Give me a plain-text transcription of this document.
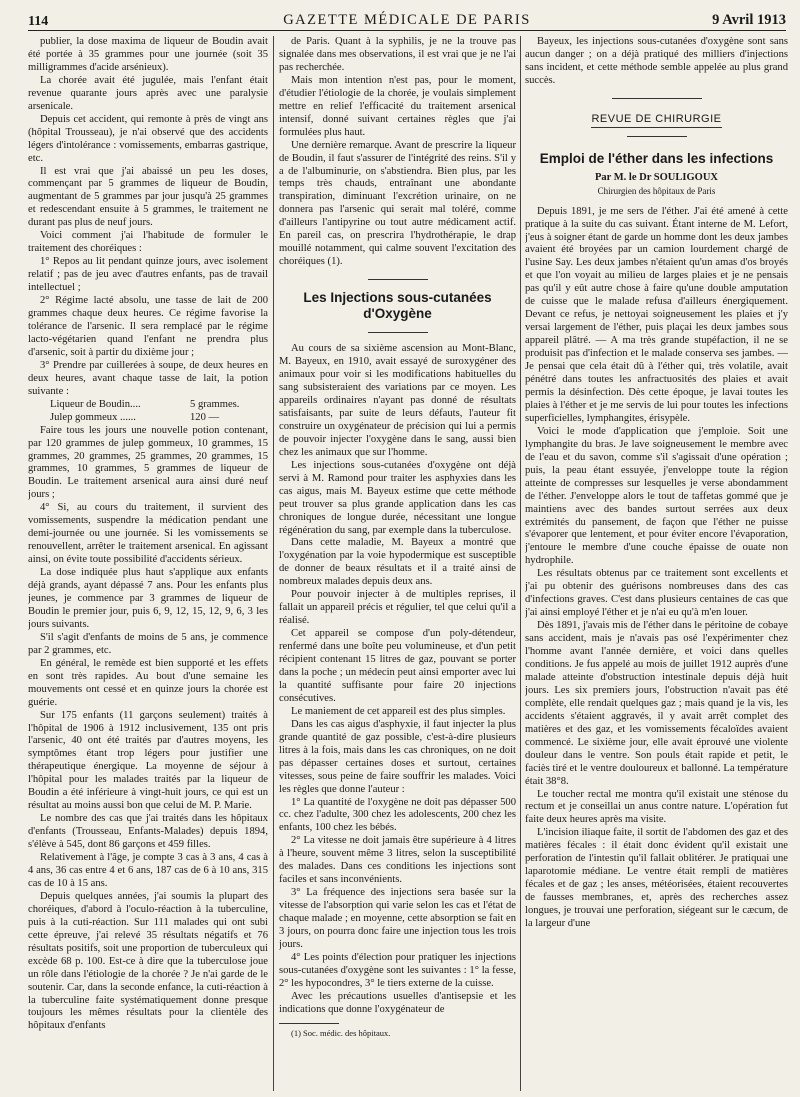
114	GAZETTE MÉDICALE DE PARIS	9 Avril 1913

publier, la dose maxima de liqueur de Boudin avait été portée à 35 grammes pour une journée (soit 35 milligrammes d'acide arsénieux).

La chorée avait été jugulée, mais l'enfant était revenue quarante jours après avec une paralysie arsenicale.

Depuis cet accident, qui remonte à près de vingt ans (hôpital Trousseau), je n'ai observé que des accidents légers d'intolérance : vomissements, embarras gastrique, etc.

Il est vrai que j'ai abaissé un peu les doses, commençant par 5 grammes de liqueur de Boudin, augmentant de 5 grammes par jour jusqu'à 25 grammes et redescendant ensuite à 5 grammes, le traitement ne durant pas plus de neuf jours.

Voici comment j'ai l'habitude de formuler le traitement des choréiques :

1° Repos au lit pendant quinze jours, avec isolement relatif ; pas de jeu avec d'autres enfants, pas de travail intellectuel ;

2° Régime lacté absolu, une tasse de lait de 200 grammes chaque deux heures. Ce régime favorise la tolérance de l'arsenic. Il sera remplacé par le régime lacto-végétarien quand l'enfant ne prendra plus d'arsenic, soit à partir du dixième jour ;

3° Prendre par cuillerées à soupe, de deux heures en deux heures, avant chaque tasse de lait, la potion suivante :

Liqueur de Boudin....	5 grammes.
Julep gommeux ......	120 —

Faire tous les jours une nouvelle potion contenant, par 120 grammes de julep gommeux, 10 grammes, 15 grammes, 20 grammes, 25 grammes, 20 grammes, 15 grammes, 10 grammes, 5 grammes de liqueur de Boudin. Le traitement arsenical aura ainsi duré neuf jours ;

4° Si, au cours du traitement, il survient des vomissements, suspendre la médication pendant une demi-journée ou une journée. Si les vomissements se renouvellent, arrêter le traitement arsenical. En agissant ainsi, on évite toute possibilité d'accidents sérieux.

La dose indiquée plus haut s'applique aux enfants déjà grands, ayant dépassé 7 ans. Pour les enfants plus jeunes, je commence par 3 grammes de liqueur de Boudin le premier jour, puis 6, 9, 12, 15, 12, 9, 6, 3 les jours suivants.

S'il s'agit d'enfants de moins de 5 ans, je commence par 2 grammes, etc.

En général, le remède est bien supporté et les effets en sont très rapides. Au bout d'une semaine les mouvements ont cessé et en quinze jours la chorée est guérie.

Sur 175 enfants (11 garçons seulement) traités à l'hôpital de 1906 à 1912 inclusivement, 135 ont pris l'arsenic, 40 ont été traités par d'autres moyens, les symptômes étant trop légers pour justifier une thérapeutique énergique. La moyenne de séjour à l'hôpital pour les malades traités par la liqueur de Boudin a été inférieure à vingt-huit jours, ce qui est un résultat au moins aussi bon que celui de M. P. Marie.

Le nombre des cas que j'ai traités dans les hôpitaux d'enfants (Trousseau, Enfants-Malades) depuis 1894, s'élève à 545, dont 86 garçons et 459 filles.

Relativement à l'âge, je compte 3 cas à 3 ans, 4 cas à 4 ans, 36 cas entre 4 et 6 ans, 187 cas de 6 à 10 ans, 315 cas de 10 à 15 ans.

Depuis quelques années, j'ai soumis la plupart des choréiques, d'abord à l'oculo-réaction à la tuberculine, puis à la cuti-réaction. Sur 111 malades qui ont subi cette épreuve, j'ai relevé 35 résultats négatifs et 76 résultats positifs, soit une proportion de tuberculeux qui excède 68 p. 100. Est-ce à dire que la tuberculose joue un rôle dans l'étiologie de la chorée ? Je n'ai garde de le soutenir. Car, dans la seconde enfance, la cuti-réaction à la tuberculine faite systématiquement donne presque toujours les mêmes résultats pour la clientèle des hôpitaux d'enfants

de Paris. Quant à la syphilis, je ne la trouve pas signalée dans mes observations, il est vrai que je ne l'ai pas recherchée.

Mais mon intention n'est pas, pour le moment, d'étudier l'étiologie de la chorée, je voulais simplement mettre en relief l'efficacité du traitement arsenical intensif, donné suivant certaines règles que j'ai formulées plus haut.

Une dernière remarque. Avant de prescrire la liqueur de Boudin, il faut s'assurer de l'intégrité des reins. S'il y a de l'albuminurie, on s'abstiendra. Bien plus, par les temps très chauds, entraînant une abondante transpiration, diminuant l'excrétion urinaire, on ne donnera pas l'arsenic qui serait mal toléré, comme d'ailleurs l'antipyrine ou tout autre médicament actif. En pareil cas, on prescrira l'hydrothérapie, le drap mouillé notamment, qui calme souvent l'excitation des choréiques (1).

Les Injections sous-cutanées d'Oxygène

Au cours de sa sixième ascension au Mont-Blanc, M. Bayeux, en 1910, avait essayé de suroxygéner des animaux pour voir si les modifications habituelles du sang subsisteraient des variations par ce moyen. Les appareils ordinaires n'ayant pas donné de résultats satisfaisants, par suite de leurs défauts, l'auteur fit construire un oxygénateur de précision qui lui a permis de pouvoir injecter l'oxygène dans le sang, aussi bien chez les animaux que sur l'homme.

Les injections sous-cutanées d'oxygène ont déjà servi à M. Ramond pour traiter les asphyxies dans les cas aigus, mais M. Bayeux estime que cette méthode peut trouver sa plus grande application dans les cas chroniques de longue durée, nécessitant une longue régénération du sang, par exemple dans la tuberculose.

Dans cette maladie, M. Bayeux a montré que l'oxygénation par la voie hypodermique est susceptible de donner de beaux résultats et il a traité ainsi de nombreux malades depuis deux ans.

Pour pouvoir injecter à de multiples reprises, il fallait un appareil précis et régulier, tel que celui qu'il a réalisé.

Cet appareil se compose d'un poly-détendeur, renfermé dans une boîte peu volumineuse, et d'un petit récipient contenant 15 litres de gaz, pouvant se porter dans la poche ; un médecin peut ainsi emporter avec lui la quantité suffisante pour faire 20 injections consécutives.

Le maniement de cet appareil est des plus simples.

Dans les cas aigus d'asphyxie, il faut injecter la plus grande quantité de gaz possible, c'est-à-dire plusieurs litres à la fois, mais dans les cas chroniques, on ne doit pas dépasser certaines doses et surtout, certaines vitesses, sous peine de faire souffrir les malades. Voici les règles que donne l'auteur :

1° La quantité de l'oxygène ne doit pas dépasser 500 cc. chez l'adulte, 300 chez les adolescents, 200 chez les enfants, 100 chez les bébés.

2° La vitesse ne doit jamais être supérieure à 4 litres à l'heure, souvent même 3 litres, selon la susceptibilité des malades. Dans ces conditions les injections sont faciles et sans inconvénients.

3° La fréquence des injections sera basée sur la vitesse de l'absorption qui varie selon les cas et l'état de chaque malade ; en moyenne, cette absorption se fait en 3 jours, on pourra donc faire une injection tous les trois jours.

4° Les points d'élection pour pratiquer les injections sous-cutanées d'oxygène sont les suivantes : 1° la fesse, 2° les hypocondres, 3° le tiers externe de la cuisse.

Avec les précautions usuelles d'antisepsie et les indications que donne l'oxygénateur de

(1) Soc. médic. des hôpitaux.

Bayeux, les injections sous-cutanées d'oxygène sont sans aucun danger ; on a déjà pratiqué des milliers d'injections sans incident, et cette méthode semble appelée au plus grand succès.

REVUE DE CHIRURGIE
Emploi de l'éther dans les infections
Par M. le Dr SOULIGOUX
Chirurgien des hôpitaux de Paris

Depuis 1891, je me sers de l'éther. J'ai été amené à cette pratique à la suite du cas suivant. Étant interne de M. Lefort, j'eus à soigner étant de garde un homme dont les deux jambes avaient été broyées par un camion lourdement chargé de l'usine Say. Les deux jambes n'étaient qu'un amas d'os broyés et que l'on voyait au milieu de larges plaies et je ne pensais pas qu'il y eût autre chose à faire qu'une double amputation de cuisse que le malade refusa d'ailleurs énergiquement. Devant ce refus, je nettoyai soigneusement les plaies et j'y versai largement de l'éther, puis plaçai les deux jambes sous appareil plâtré. — A ma très grande stupéfaction, il ne se produisit pas d'infection et le malade conserva ses jambes. — Je pensai que cela était dû à l'éther qui, très volatile, avait pénétré dans toutes les anfractuosités des plaies et avait permis la désinfection. Dès cette époque, je lavai toutes les plaies à l'éther et je me servis de lui pour toutes les infections superficielles, lymphangites, érisypèle.

Voici le mode d'application que j'emploie. Soit une lymphangite du bras. Je lave soigneusement le membre avec de l'eau et du savon, comme s'il s'agissait d'une opération ; puis, la peau étant essuyée, j'enveloppe toute la région atteinte de compresses sur lesquelles je verse abondamment de l'éther. J'enveloppe alors le tout de taffetas gommé que je maintiens avec des bandes surtout serrées aux deux extrémités du pansement, de façon que l'éther ne puisse s'évaporer que lentement, et pour éviter encore l'évaporation, j'entoure le membre d'une couche épaisse de ouate non hydrophile.

Les résultats obtenus par ce traitement sont excellents et j'ai pu obtenir des guérisons nombreuses dans des cas d'infections graves. C'est dans plusieurs centaines de cas que j'ai ainsi employé l'éther et je n'ai eu qu'à m'en louer.

Dès 1891, j'avais mis de l'éther dans le péritoine de cobaye sans accident, mais je n'avais pas osé l'expérimenter chez l'homme avant l'année dernière, et voici dans quelles conditions. Je fus appelé au mois de juillet 1912 auprès d'une malade atteinte d'obstruction intestinale depuis déjà huit jours. Les six premiers jours, l'obstruction n'avait pas été complète, elle rendait quelques gaz ; mais quand je la vis, les accidents s'étaient aggravés, il y avait arrêt complet des matières et des gaz, et les vomissements fécaloïdes avaient commencé. Le sixième jour, elle avait éprouvé une violente douleur dans le ventre. Son pouls était rapide et petit, le faciès tiré et le ventre douloureux et ballonné. La température était 38°8.

Le toucher rectal me montra qu'il existait une sténose du rectum et je conseillai un anus contre nature. L'opération fut faite deux heures après ma visite.

L'incision iliaque faite, il sortit de l'abdomen des gaz et des matières fécales : il était donc évident qu'il existait une perforation de l'intestin qu'il fallait oblitérer. Je pratiquai une laparotomie médiane. Le ventre était rempli de matières fécales et de gaz ; les anses, météorisées, étaient recouvertes de fausses membranes, et, après des recherches assez longues, je trouvai une perforation, siégeant sur le cæcum, de la largeur d'une
